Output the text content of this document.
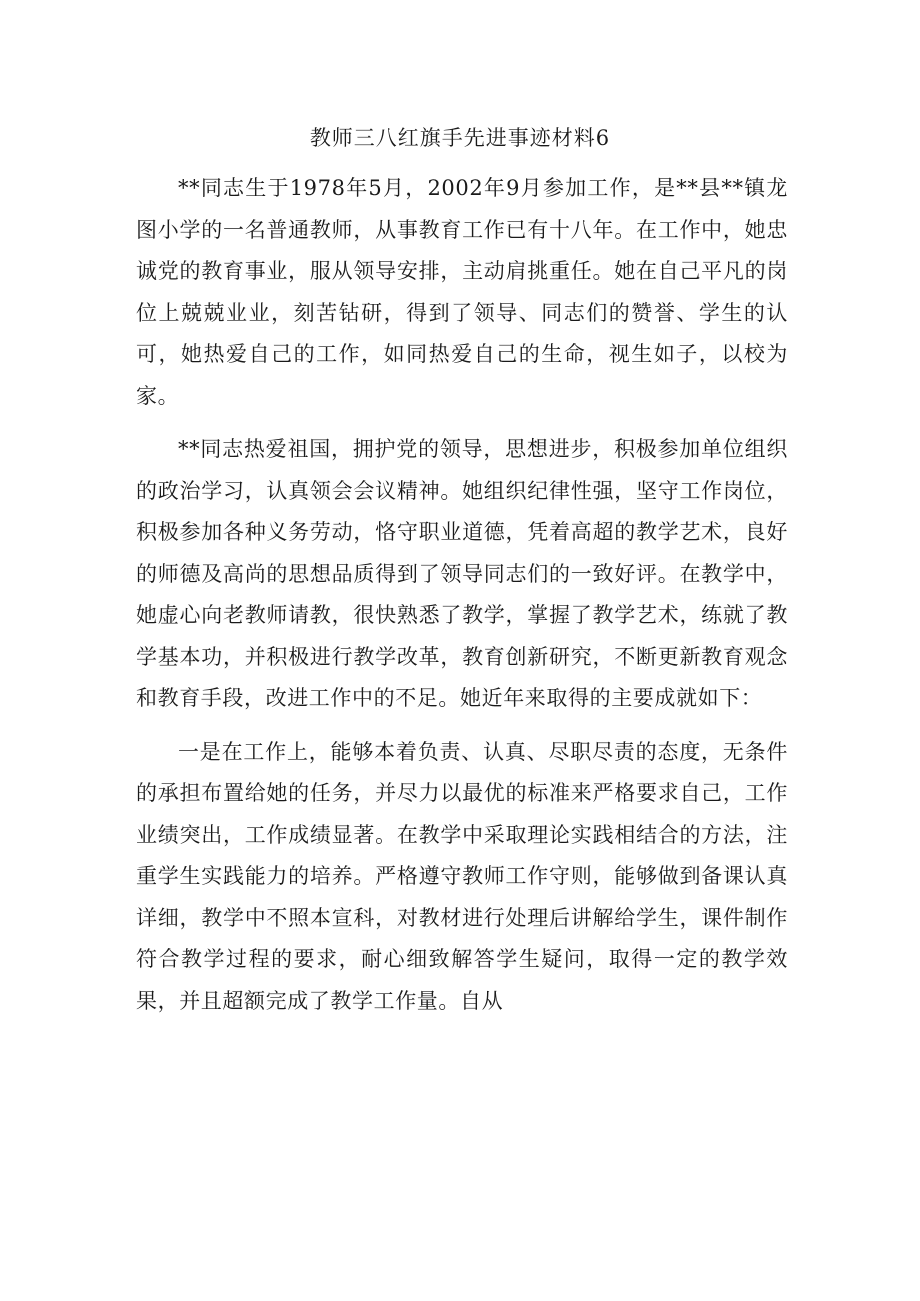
教师三八红旗手先进事迹材料6

**同志生于1978年5月，2002年9月参加工作，是**县**镇龙图小学的一名普通教师，从事教育工作已有十八年。在工作中，她忠诚党的教育事业，服从领导安排，主动肩挑重任。她在自己平凡的岗位上兢兢业业，刻苦钻研，得到了领导、同志们的赞誉、学生的认可，她热爱自己的工作，如同热爱自己的生命，视生如子，以校为家。

**同志热爱祖国，拥护党的领导，思想进步，积极参加单位组织的政治学习，认真领会会议精神。她组织纪律性强，坚守工作岗位，积极参加各种义务劳动，恪守职业道德，凭着高超的教学艺术，良好的师德及高尚的思想品质得到了领导同志们的一致好评。在教学中，她虚心向老教师请教，很快熟悉了教学，掌握了教学艺术，练就了教学基本功，并积极进行教学改革，教育创新研究，不断更新教育观念和教育手段，改进工作中的不足。她近年来取得的主要成就如下：

一是在工作上，能够本着负责、认真、尽职尽责的态度，无条件的承担布置给她的任务，并尽力以最优的标准来严格要求自己，工作业绩突出，工作成绩显著。在教学中采取理论实践相结合的方法，注重学生实践能力的培养。严格遵守教师工作守则，能够做到备课认真详细，教学中不照本宣科，对教材进行处理后讲解给学生，课件制作符合教学过程的要求，耐心细致解答学生疑问，取得一定的教学效果，并且超额完成了教学工作量。自从
